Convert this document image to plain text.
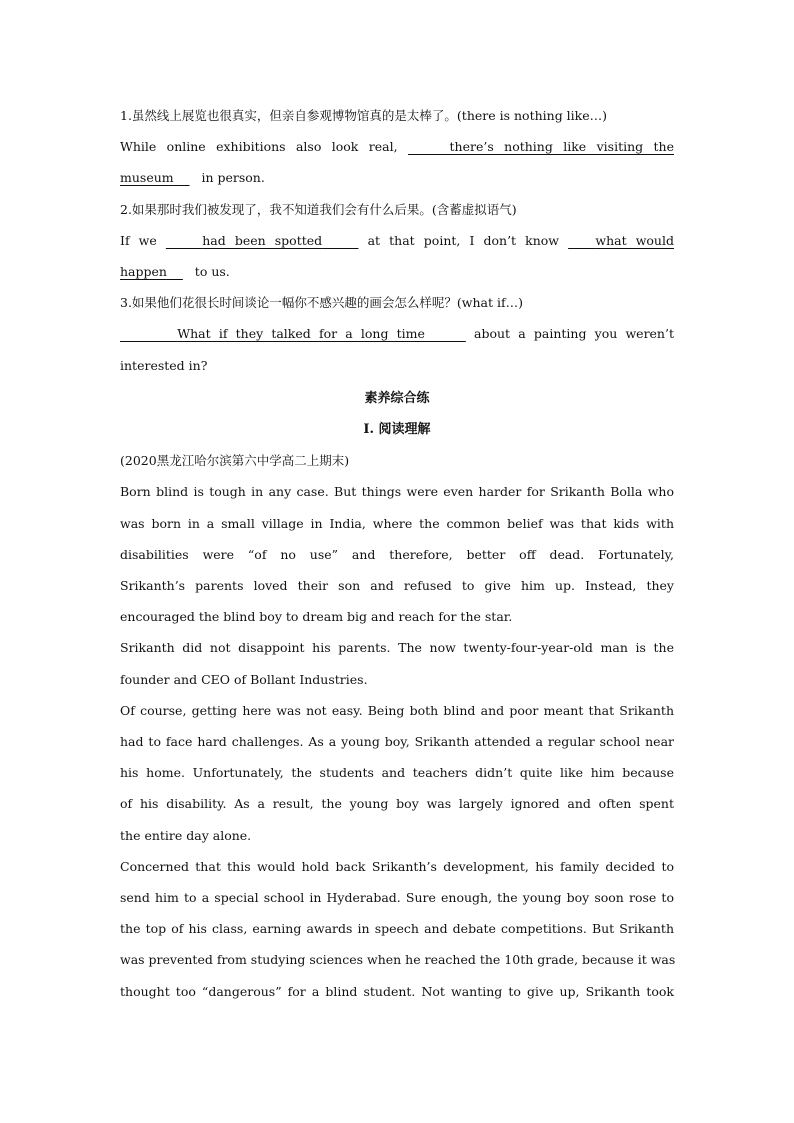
1.虽然线上展览也很真实，但亲自参观博物馆真的是太棒了。(there is nothing like…)
While online exhibitions also look real,	there’s nothing like visiting the
museum in person.
2.如果那时我们被发现了，我不知道我们会有什么后果。(含蓄虚拟语气)
If we	had been spotted	at that point, I don’t know	what would
happen to us.
3.如果他们花很长时间谈论一幅你不感兴趣的画会怎么样呢？(what if…)
What if they talked for a long time	about a painting you weren’t
interested in?
素养综合练
Ⅰ. 阅读理解
(2020黑龙江哈尔滨第六中学高二上期末)
Born blind is tough in any case. But things were even harder for Srikanth Bolla who
was born in a small village in India, where the common belief was that kids with
disabilities were “of no use” and therefore, better off dead. Fortunately,
Srikanth’s parents loved their son and refused to give him up. Instead, they
encouraged the blind boy to dream big and reach for the star.
Srikanth did not disappoint his parents. The now twenty-four-year-old man is the
founder and CEO of Bollant Industries.
Of course, getting here was not easy. Being both blind and poor meant that Srikanth
had to face hard challenges. As a young boy, Srikanth attended a regular school near
his home. Unfortunately, the students and teachers didn’t quite like him because
of his disability. As a result, the young boy was largely ignored and often spent
the entire day alone.
Concerned that this would hold back Srikanth’s development, his family decided to
send him to a special school in Hyderabad. Sure enough, the young boy soon rose to
the top of his class, earning awards in speech and debate competitions. But Srikanth
was prevented from studying sciences when he reached the 10th grade, because it was
thought too “dangerous” for a blind student. Not wanting to give up, Srikanth took
